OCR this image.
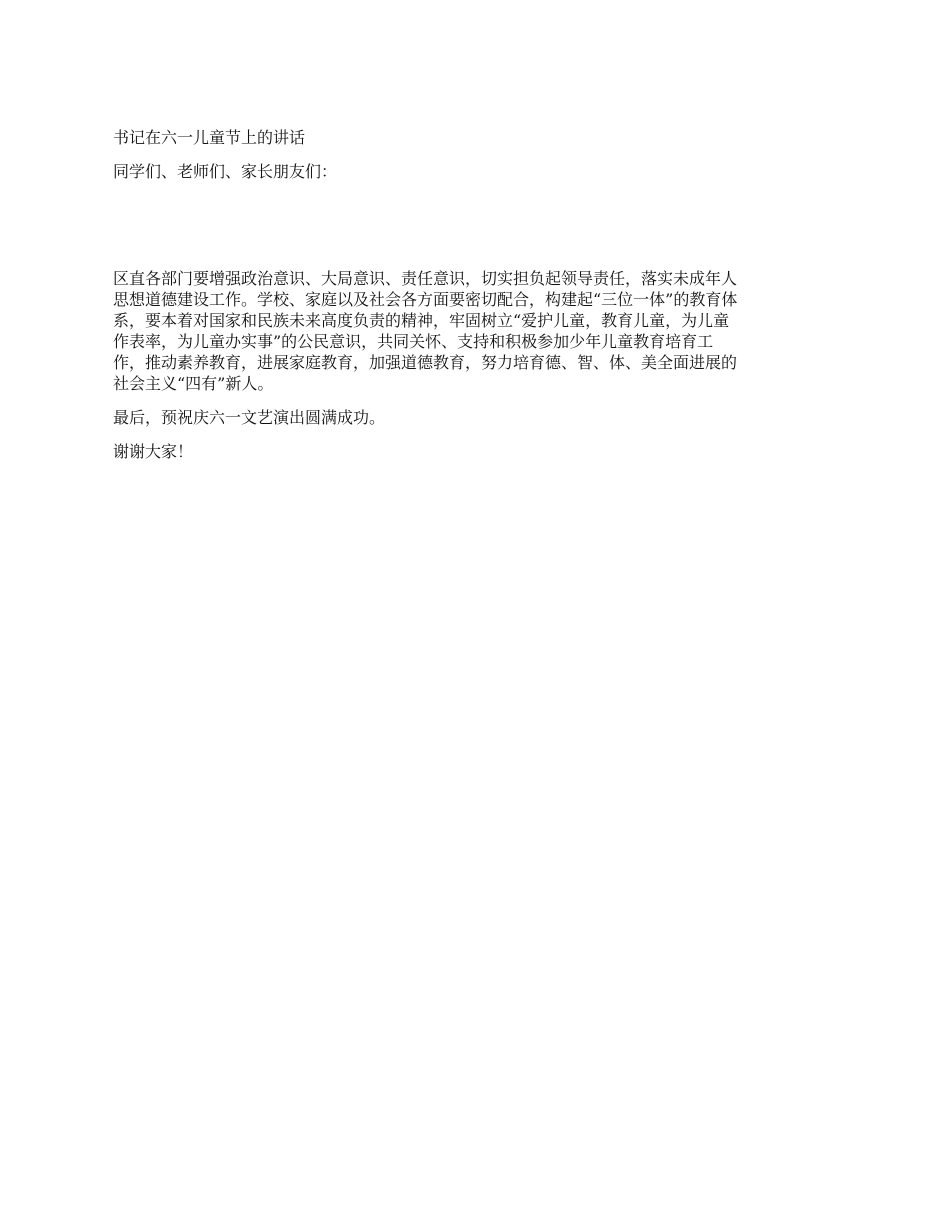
书记在六一儿童节上的讲话

同学们、老师们、家长朋友们：

区直各部门要增强政治意识、大局意识、责任意识，切实担负起领导责任，落实未成年人

思想道德建设工作。学校、家庭以及社会各方面要密切配合，构建起“三位一体”的教育体

系，要本着对国家和民族未来高度负责的精神，牢固树立“爱护儿童，教育儿童，为儿童

作表率，为儿童办实事”的公民意识，共同关怀、支持和积极参加少年儿童教育培育工

作，推动素养教育，进展家庭教育，加强道德教育，努力培育德、智、体、美全面进展的

社会主义“四有”新人。

最后，预祝庆六一文艺演出圆满成功。

谢谢大家！
